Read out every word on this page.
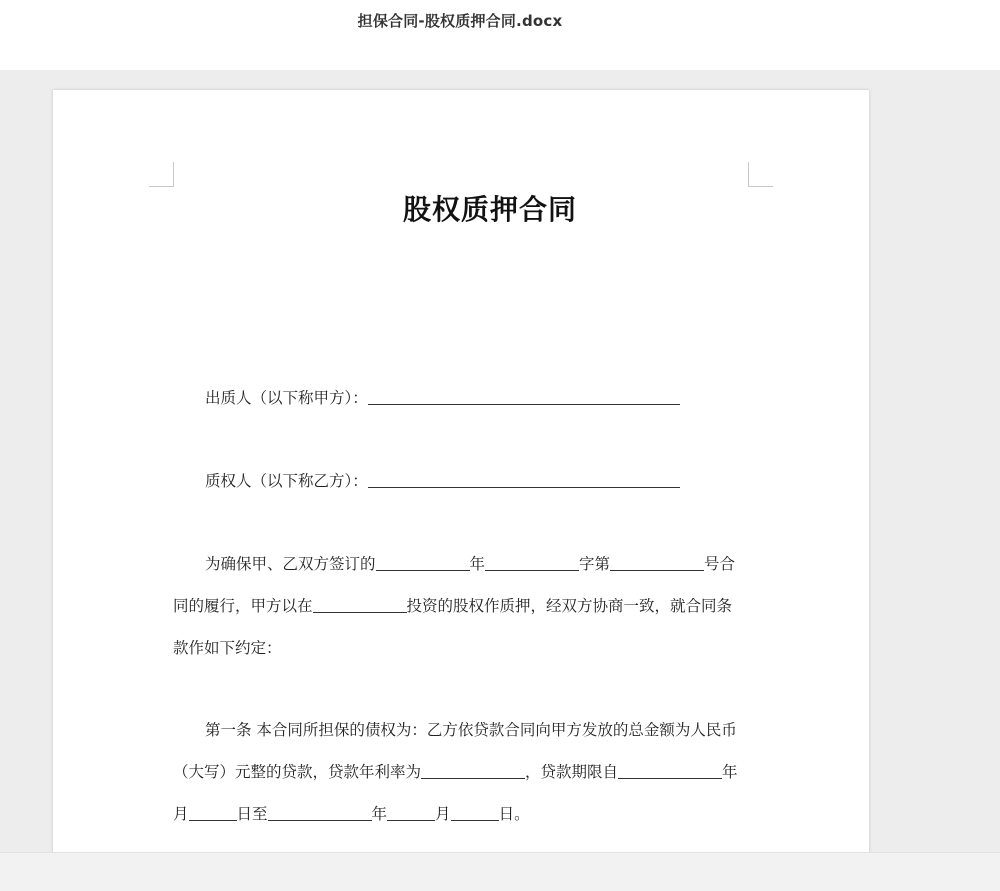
担保合同-股权质押合同.docx
股权质押合同
出质人（以下称甲方）：
质权人（以下称乙方）：
为确保甲、乙双方签订的	年	字第	号合
同的履行，甲方以在	投资的股权作质押，经双方协商一致，就合同条
款作如下约定：
第一条 本合同所担保的债权为：乙方依贷款合同向甲方发放的总金额为人民币
（大写）元整的贷款，贷款年利率为	，贷款期限自	年
月	日至	年	月	日。
